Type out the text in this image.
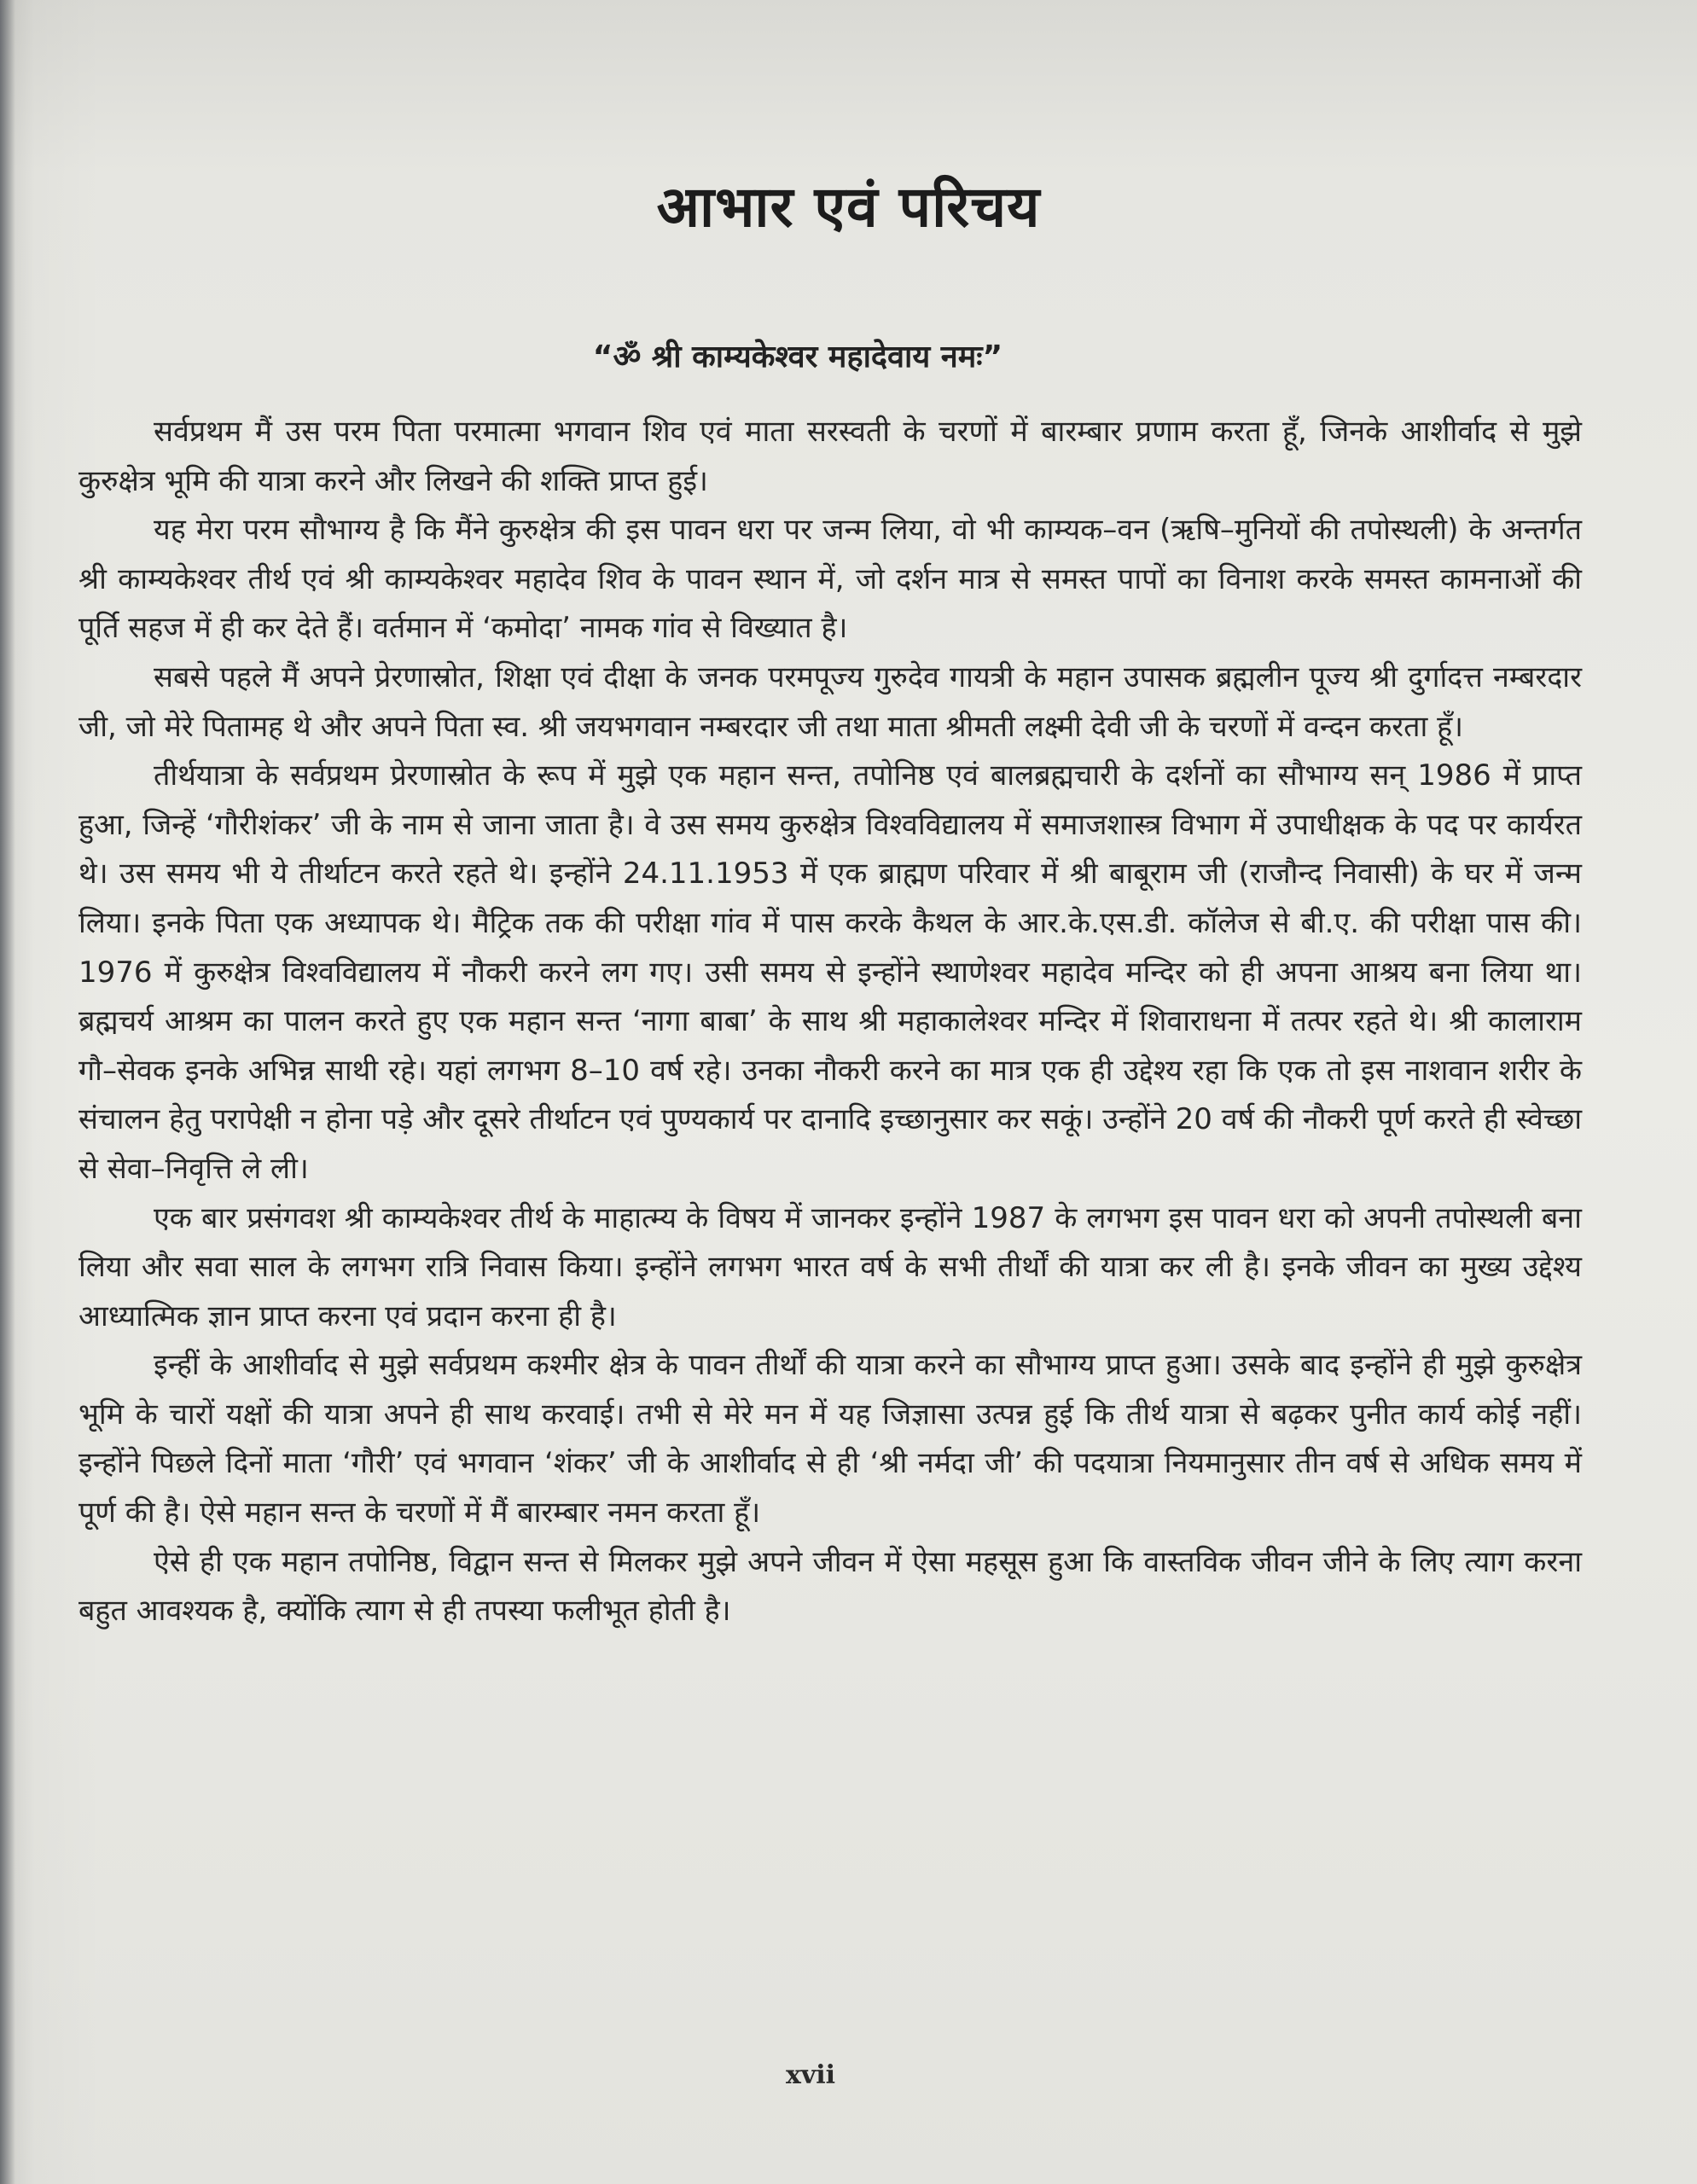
आभार एवं परिचय
“ॐ श्री काम्यकेश्वर महादेवाय नमः”

सर्वप्रथम मैं उस परम पिता परमात्मा भगवान शिव एवं माता सरस्वती के चरणों में बारम्बार प्रणाम करता हूँ, जिनके आशीर्वाद से मुझे कुरुक्षेत्र भूमि की यात्रा करने और लिखने की शक्ति प्राप्त हुई।

यह मेरा परम सौभाग्य है कि मैंने कुरुक्षेत्र की इस पावन धरा पर जन्म लिया, वो भी काम्यक–वन (ऋषि–मुनियों की तपोस्थली) के अन्तर्गत श्री काम्यकेश्वर तीर्थ एवं श्री काम्यकेश्वर महादेव शिव के पावन स्थान में, जो दर्शन मात्र से समस्त पापों का विनाश करके समस्त कामनाओं की पूर्ति सहज में ही कर देते हैं। वर्तमान में ‘कमोदा’ नामक गांव से विख्यात है।

सबसे पहले मैं अपने प्रेरणास्रोत, शिक्षा एवं दीक्षा के जनक परमपूज्य गुरुदेव गायत्री के महान उपासक ब्रह्मलीन पूज्य श्री दुर्गादत्त नम्बरदार जी, जो मेरे पितामह थे और अपने पिता स्व. श्री जयभगवान नम्बरदार जी तथा माता श्रीमती लक्ष्मी देवी जी के चरणों में वन्दन करता हूँ।

तीर्थयात्रा के सर्वप्रथम प्रेरणास्रोत के रूप में मुझे एक महान सन्त, तपोनिष्ठ एवं बालब्रह्मचारी के दर्शनों का सौभाग्य सन् 1986 में प्राप्त हुआ, जिन्हें ‘गौरीशंकर’ जी के नाम से जाना जाता है। वे उस समय कुरुक्षेत्र विश्वविद्यालय में समाजशास्त्र विभाग में उपाधीक्षक के पद पर कार्यरत थे। उस समय भी ये तीर्थाटन करते रहते थे। इन्होंने 24.11.1953 में एक ब्राह्मण परिवार में श्री बाबूराम जी (राजौन्द निवासी) के घर में जन्म लिया। इनके पिता एक अध्यापक थे। मैट्रिक तक की परीक्षा गांव में पास करके कैथल के आर.के.एस.डी. कॉलेज से बी.ए. की परीक्षा पास की। 1976 में कुरुक्षेत्र विश्वविद्यालय में नौकरी करने लग गए। उसी समय से इन्होंने स्थाणेश्वर महादेव मन्दिर को ही अपना आश्रय बना लिया था। ब्रह्मचर्य आश्रम का पालन करते हुए एक महान सन्त ‘नागा बाबा’ के साथ श्री महाकालेश्वर मन्दिर में शिवाराधना में तत्पर रहते थे। श्री कालाराम गौ–सेवक इनके अभिन्न साथी रहे। यहां लगभग 8–10 वर्ष रहे। उनका नौकरी करने का मात्र एक ही उद्देश्य रहा कि एक तो इस नाशवान शरीर के संचालन हेतु परापेक्षी न होना पड़े और दूसरे तीर्थाटन एवं पुण्यकार्य पर दानादि इच्छानुसार कर सकूं। उन्होंने 20 वर्ष की नौकरी पूर्ण करते ही स्वेच्छा से सेवा–निवृत्ति ले ली।

एक बार प्रसंगवश श्री काम्यकेश्वर तीर्थ के माहात्म्य के विषय में जानकर इन्होंने 1987 के लगभग इस पावन धरा को अपनी तपोस्थली बना लिया और सवा साल के लगभग रात्रि निवास किया। इन्होंने लगभग भारत वर्ष के सभी तीर्थों की यात्रा कर ली है। इनके जीवन का मुख्य उद्देश्य आध्यात्मिक ज्ञान प्राप्त करना एवं प्रदान करना ही है।

इन्हीं के आशीर्वाद से मुझे सर्वप्रथम कश्मीर क्षेत्र के पावन तीर्थों की यात्रा करने का सौभाग्य प्राप्त हुआ। उसके बाद इन्होंने ही मुझे कुरुक्षेत्र भूमि के चारों यक्षों की यात्रा अपने ही साथ करवाई। तभी से मेरे मन में यह जिज्ञासा उत्पन्न हुई कि तीर्थ यात्रा से बढ़कर पुनीत कार्य कोई नहीं। इन्होंने पिछले दिनों माता ‘गौरी’ एवं भगवान ‘शंकर’ जी के आशीर्वाद से ही ‘श्री नर्मदा जी’ की पदयात्रा नियमानुसार तीन वर्ष से अधिक समय में पूर्ण की है। ऐसे महान सन्त के चरणों में मैं बारम्बार नमन करता हूँ।

ऐसे ही एक महान तपोनिष्ठ, विद्वान सन्त से मिलकर मुझे अपने जीवन में ऐसा महसूस हुआ कि वास्तविक जीवन जीने के लिए त्याग करना बहुत आवश्यक है, क्योंकि त्याग से ही तपस्या फलीभूत होती है।

xvii
